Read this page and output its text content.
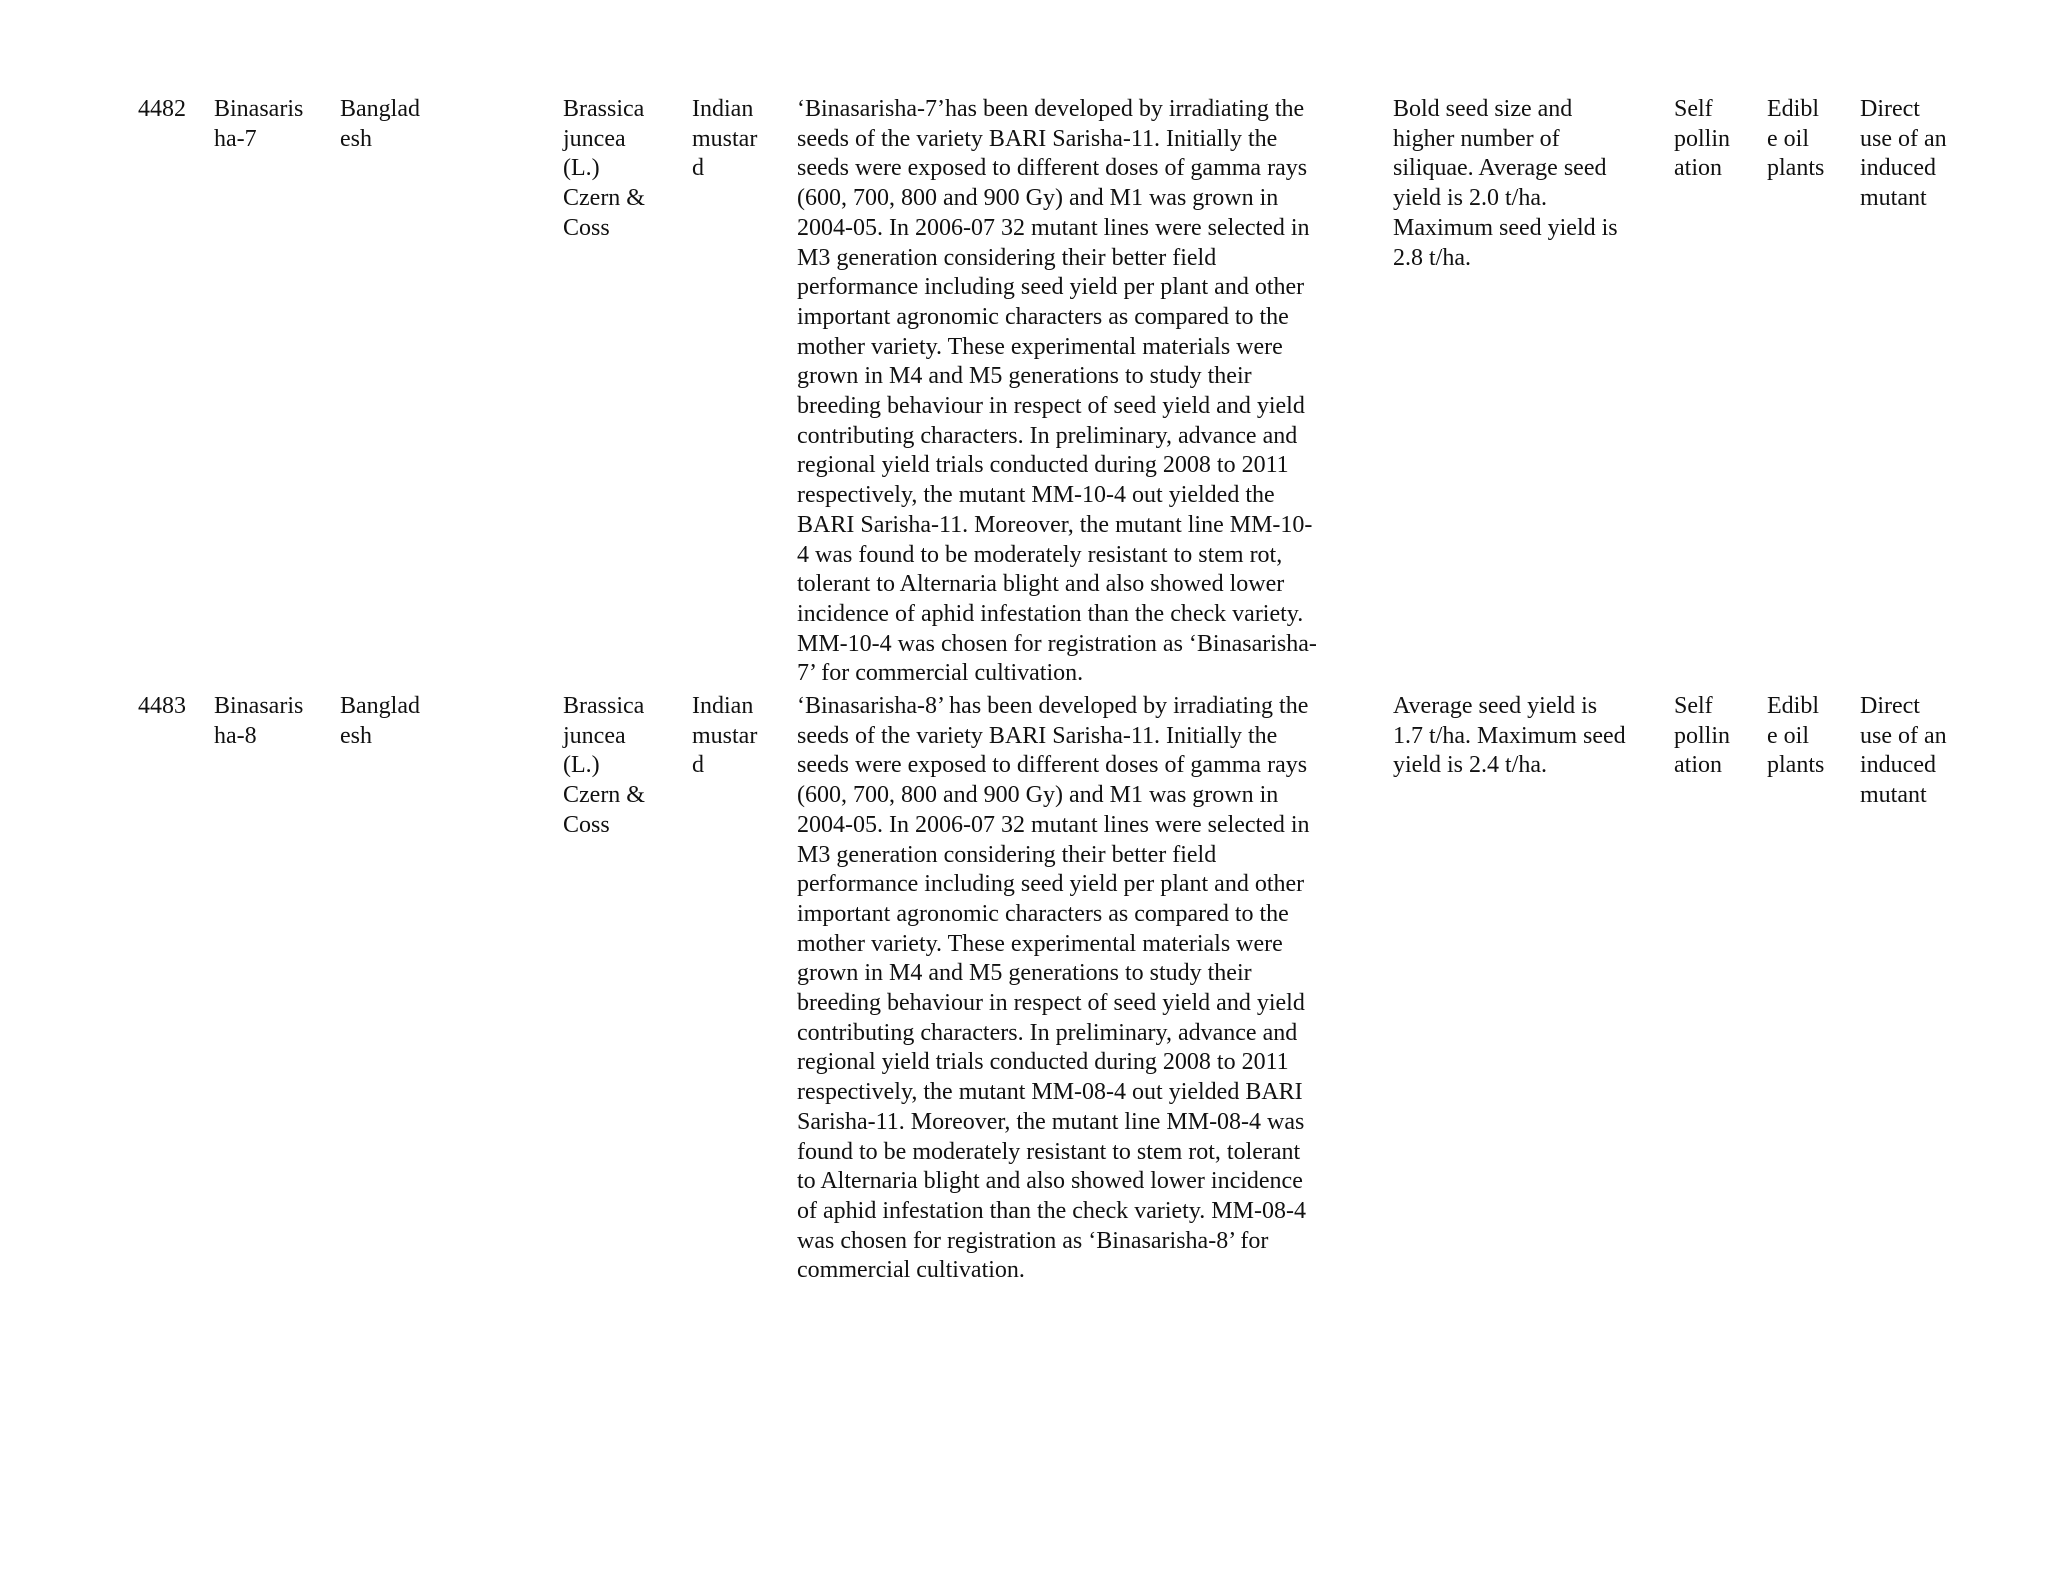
4482 Binasaris
ha-7

Banglad
esh

Brassica
juncea
(L.)
Czern &
Coss

Indian
mustar
d

‘Binasarisha-7’has been developed by irradiating the
seeds of the variety BARI Sarisha-11. Initially the
seeds were exposed to different doses of gamma rays
(600, 700, 800 and 900 Gy) and M1 was grown in
2004-05. In 2006-07 32 mutant lines were selected in
M3 generation considering their better field
performance including seed yield per plant and other
important agronomic characters as compared to the
mother variety. These experimental materials were
grown in M4 and M5 generations to study their
breeding behaviour in respect of seed yield and yield
contributing characters. In preliminary, advance and
regional yield trials conducted during 2008 to 2011
respectively, the mutant MM-10-4 out yielded the
BARI Sarisha-11. Moreover, the mutant line MM-10-
4 was found to be moderately resistant to stem rot,
tolerant to Alternaria blight and also showed lower
incidence of aphid infestation than the check variety.
MM-10-4 was chosen for registration as ‘Binasarisha-
7’ for commercial cultivation.

Bold seed size and
higher number of
siliquae. Average seed
yield is 2.0 t/ha.
Maximum seed yield is
2.8 t/ha.

Self
pollin
ation

Edibl
e oil
plants

Direct
use of an
induced
mutant

4483 Binasaris
ha-8

Banglad
esh

Brassica
juncea
(L.)
Czern &
Coss

Indian
mustar
d

‘Binasarisha-8’ has been developed by irradiating the
seeds of the variety BARI Sarisha-11. Initially the
seeds were exposed to different doses of gamma rays
(600, 700, 800 and 900 Gy) and M1 was grown in
2004-05. In 2006-07 32 mutant lines were selected in
M3 generation considering their better field
performance including seed yield per plant and other
important agronomic characters as compared to the
mother variety. These experimental materials were
grown in M4 and M5 generations to study their
breeding behaviour in respect of seed yield and yield
contributing characters. In preliminary, advance and
regional yield trials conducted during 2008 to 2011
respectively, the mutant MM-08-4 out yielded BARI
Sarisha-11. Moreover, the mutant line MM-08-4 was
found to be moderately resistant to stem rot, tolerant
to Alternaria blight and also showed lower incidence
of aphid infestation than the check variety. MM-08-4
was chosen for registration as ‘Binasarisha-8’ for
commercial cultivation.

Average seed yield is
1.7 t/ha. Maximum seed
yield is 2.4 t/ha.

Self
pollin
ation

Edibl
e oil
plants

Direct
use of an
induced
mutant
